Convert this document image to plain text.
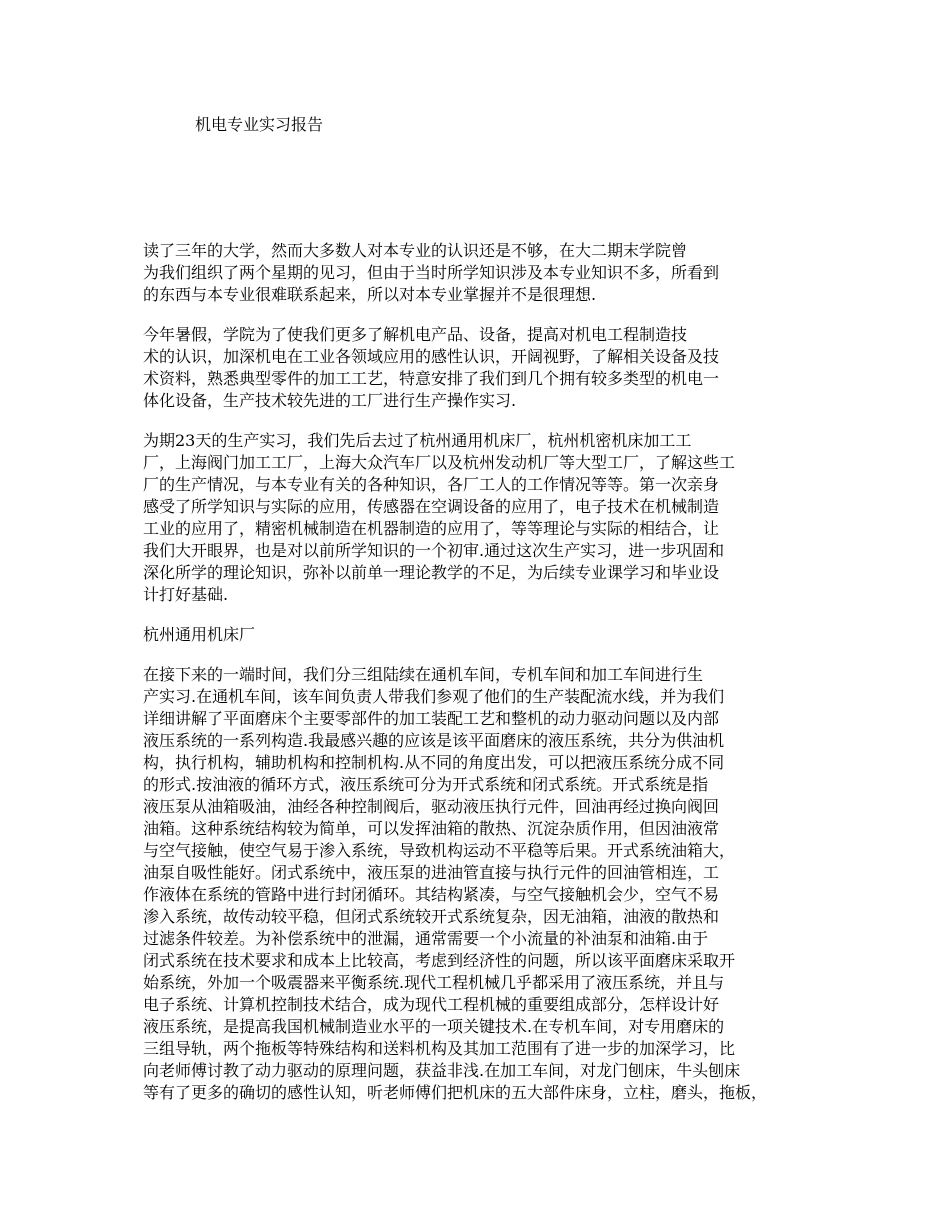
机电专业实习报告
读了三年的大学，然而大多数人对本专业的认识还是不够，在大二期末学院曾
为我们组织了两个星期的见习，但由于当时所学知识涉及本专业知识不多，所看到
的东西与本专业很难联系起来，所以对本专业掌握并不是很理想.
今年暑假，学院为了使我们更多了解机电产品、设备，提高对机电工程制造技
术的认识，加深机电在工业各领域应用的感性认识，开阔视野，了解相关设备及技
术资料，熟悉典型零件的加工工艺，特意安排了我们到几个拥有较多类型的机电一
体化设备，生产技术较先进的工厂进行生产操作实习.
为期23天的生产实习，我们先后去过了杭州通用机床厂，杭州机密机床加工工
厂，上海阀门加工工厂，上海大众汽车厂以及杭州发动机厂等大型工厂，了解这些工
厂的生产情况，与本专业有关的各种知识，各厂工人的工作情况等等。第一次亲身
感受了所学知识与实际的应用，传感器在空调设备的应用了，电子技术在机械制造
工业的应用了，精密机械制造在机器制造的应用了，等等理论与实际的相结合，让
我们大开眼界，也是对以前所学知识的一个初审.通过这次生产实习，进一步巩固和
深化所学的理论知识，弥补以前单一理论教学的不足，为后续专业课学习和毕业设
计打好基础.
杭州通用机床厂
在接下来的一端时间，我们分三组陆续在通机车间，专机车间和加工车间进行生
产实习.在通机车间，该车间负责人带我们参观了他们的生产装配流水线，并为我们
详细讲解了平面磨床个主要零部件的加工装配工艺和整机的动力驱动问题以及内部
液压系统的一系列构造.我最感兴趣的应该是该平面磨床的液压系统，共分为供油机
构，执行机构，辅助机构和控制机构.从不同的角度出发，可以把液压系统分成不同
的形式.按油液的循环方式，液压系统可分为开式系统和闭式系统。开式系统是指
液压泵从油箱吸油，油经各种控制阀后，驱动液压执行元件，回油再经过换向阀回
油箱。这种系统结构较为简单，可以发挥油箱的散热、沉淀杂质作用，但因油液常
与空气接触，使空气易于渗入系统，导致机构运动不平稳等后果。开式系统油箱大，
油泵自吸性能好。闭式系统中，液压泵的进油管直接与执行元件的回油管相连，工
作液体在系统的管路中进行封闭循环。其结构紧凑，与空气接触机会少，空气不易
渗入系统，故传动较平稳，但闭式系统较开式系统复杂，因无油箱，油液的散热和
过滤条件较差。为补偿系统中的泄漏，通常需要一个小流量的补油泵和油箱.由于
闭式系统在技术要求和成本上比较高，考虑到经济性的问题，所以该平面磨床采取开
始系统，外加一个吸震器来平衡系统.现代工程机械几乎都采用了液压系统，并且与
电子系统、计算机控制技术结合，成为现代工程机械的重要组成部分，怎样设计好
液压系统，是提高我国机械制造业水平的一项关键技术.在专机车间，对专用磨床的
三组导轨，两个拖板等特殊结构和送料机构及其加工范围有了进一步的加深学习，比
向老师傅讨教了动力驱动的原理问题，获益非浅.在加工车间，对龙门刨床，牛头刨床
等有了更多的确切的感性认知，听老师傅们把机床的五大部件床身，立柱，磨头，拖板，
